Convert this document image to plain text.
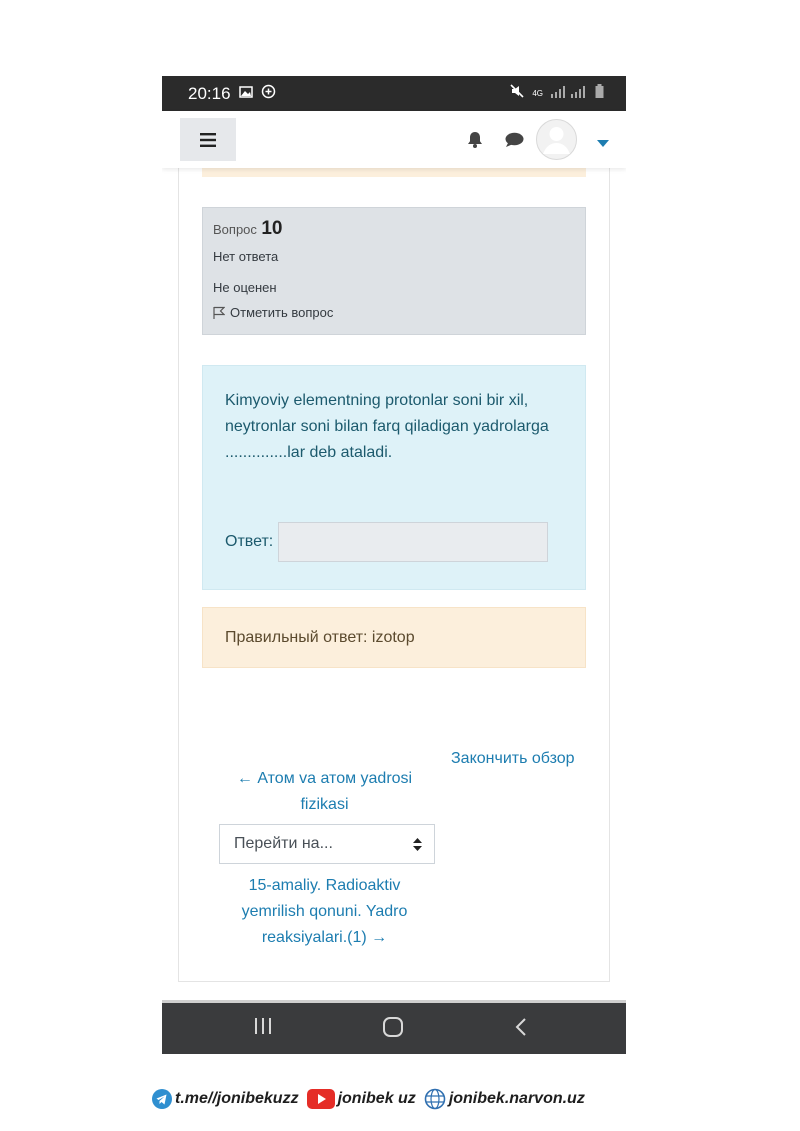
20:16	4G
Вопрос 10
Нет ответа
Не оценен
Отметить вопрос
Kimyoviy elementning protonlar soni bir xil, neytronlar soni bilan farq qiladigan yadrolarga ..............lar deb ataladi.
Ответ:
Правильный ответ: izotop
Закончить обзор
← Атом va атом yadrosi fizikasi
Перейти на...
15-amaliy. Radioaktiv yemrilish qonuni. Yadro reaksiyalari.(1) →
t.me//jonibekuzz jonibek uz jonibek.narvon.uz
